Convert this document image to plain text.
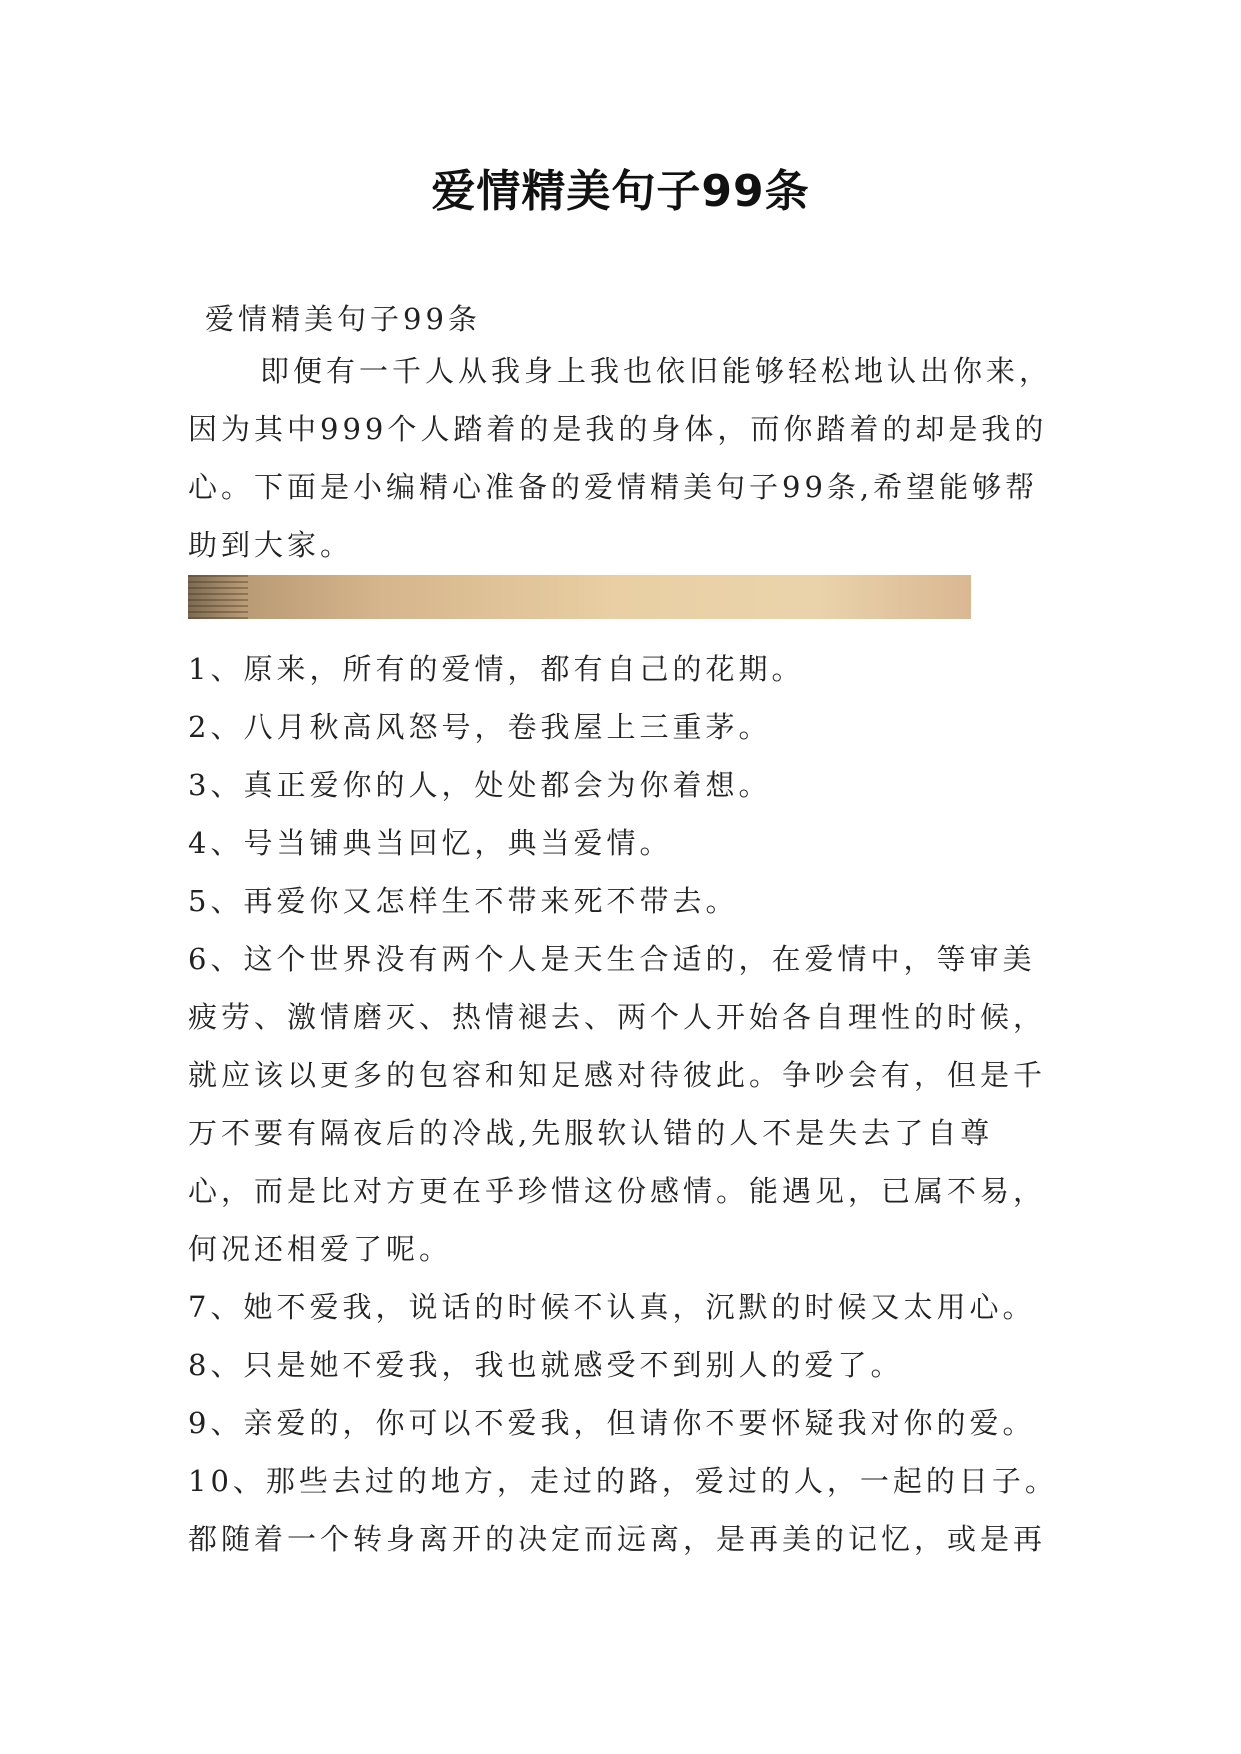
爱情精美句子99条
爱情精美句子99条
即便有一千人从我身上我也依旧能够轻松地认出你来，因为其中999个人踏着的是我的身体，而你踏着的却是我的心。下面是小编精心准备的爱情精美句子99条,希望能够帮助到大家。

1、原来，所有的爱情，都有自己的花期。

2、八月秋高风怒号，卷我屋上三重茅。

3、真正爱你的人，处处都会为你着想。

4、号当铺典当回忆，典当爱情。

5、再爱你又怎样生不带来死不带去。

6、这个世界没有两个人是天生合适的，在爱情中，等审美疲劳、激情磨灭、热情褪去、两个人开始各自理性的时候，就应该以更多的包容和知足感对待彼此。争吵会有，但是千万不要有隔夜后的冷战,先服软认错的人不是失去了自尊心，而是比对方更在乎珍惜这份感情。能遇见，已属不易，何况还相爱了呢。

7、她不爱我，说话的时候不认真，沉默的时候又太用心。

8、只是她不爱我，我也就感受不到别人的爱了。

9、亲爱的，你可以不爱我，但请你不要怀疑我对你的爱。

10、那些去过的地方，走过的路，爱过的人，一起的日子。都随着一个转身离开的决定而远离，是再美的记忆，或是再
